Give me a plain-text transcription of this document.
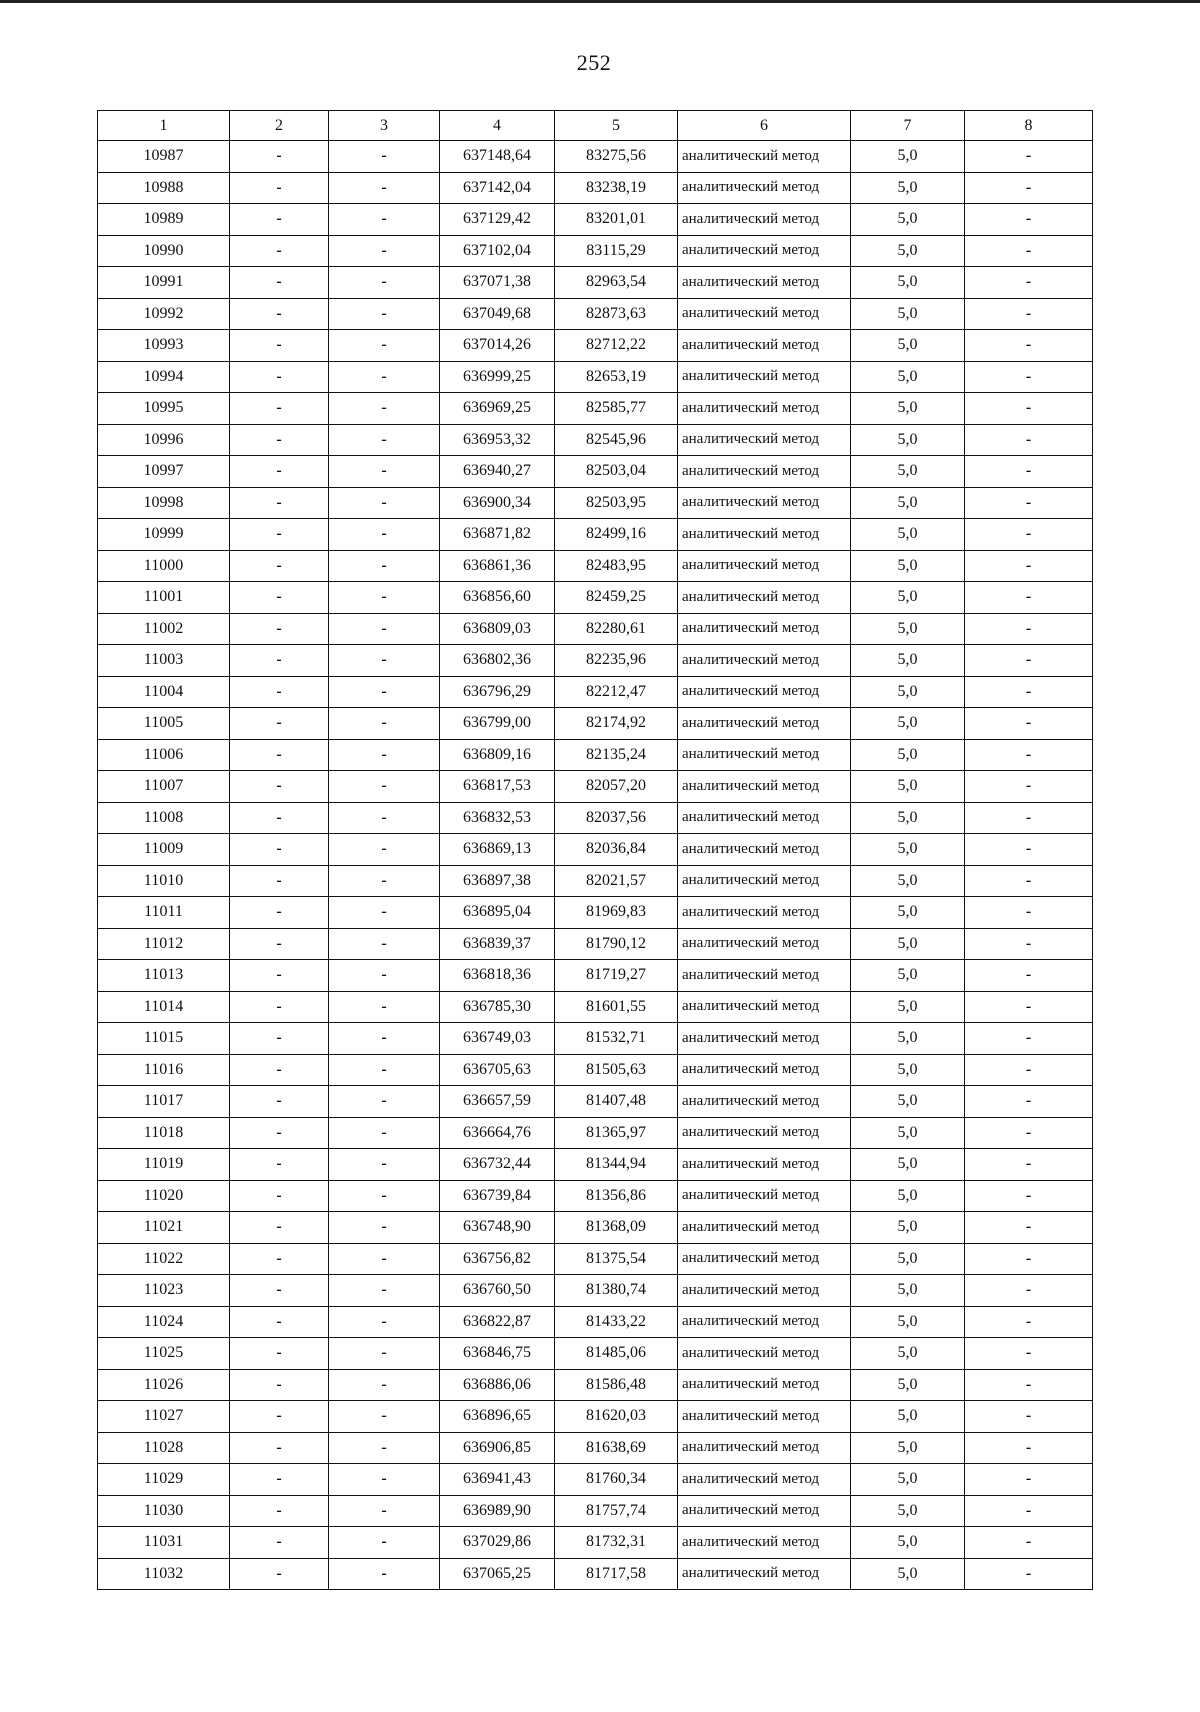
252
1	2	3	4	5	6	7	8
10987	-	-	637148,64	83275,56	аналитический метод	5,0	-
10988	-	-	637142,04	83238,19	аналитический метод	5,0	-
10989	-	-	637129,42	83201,01	аналитический метод	5,0	-
10990	-	-	637102,04	83115,29	аналитический метод	5,0	-
10991	-	-	637071,38	82963,54	аналитический метод	5,0	-
10992	-	-	637049,68	82873,63	аналитический метод	5,0	-
10993	-	-	637014,26	82712,22	аналитический метод	5,0	-
10994	-	-	636999,25	82653,19	аналитический метод	5,0	-
10995	-	-	636969,25	82585,77	аналитический метод	5,0	-
10996	-	-	636953,32	82545,96	аналитический метод	5,0	-
10997	-	-	636940,27	82503,04	аналитический метод	5,0	-
10998	-	-	636900,34	82503,95	аналитический метод	5,0	-
10999	-	-	636871,82	82499,16	аналитический метод	5,0	-
11000	-	-	636861,36	82483,95	аналитический метод	5,0	-
11001	-	-	636856,60	82459,25	аналитический метод	5,0	-
11002	-	-	636809,03	82280,61	аналитический метод	5,0	-
11003	-	-	636802,36	82235,96	аналитический метод	5,0	-
11004	-	-	636796,29	82212,47	аналитический метод	5,0	-
11005	-	-	636799,00	82174,92	аналитический метод	5,0	-
11006	-	-	636809,16	82135,24	аналитический метод	5,0	-
11007	-	-	636817,53	82057,20	аналитический метод	5,0	-
11008	-	-	636832,53	82037,56	аналитический метод	5,0	-
11009	-	-	636869,13	82036,84	аналитический метод	5,0	-
11010	-	-	636897,38	82021,57	аналитический метод	5,0	-
11011	-	-	636895,04	81969,83	аналитический метод	5,0	-
11012	-	-	636839,37	81790,12	аналитический метод	5,0	-
11013	-	-	636818,36	81719,27	аналитический метод	5,0	-
11014	-	-	636785,30	81601,55	аналитический метод	5,0	-
11015	-	-	636749,03	81532,71	аналитический метод	5,0	-
11016	-	-	636705,63	81505,63	аналитический метод	5,0	-
11017	-	-	636657,59	81407,48	аналитический метод	5,0	-
11018	-	-	636664,76	81365,97	аналитический метод	5,0	-
11019	-	-	636732,44	81344,94	аналитический метод	5,0	-
11020	-	-	636739,84	81356,86	аналитический метод	5,0	-
11021	-	-	636748,90	81368,09	аналитический метод	5,0	-
11022	-	-	636756,82	81375,54	аналитический метод	5,0	-
11023	-	-	636760,50	81380,74	аналитический метод	5,0	-
11024	-	-	636822,87	81433,22	аналитический метод	5,0	-
11025	-	-	636846,75	81485,06	аналитический метод	5,0	-
11026	-	-	636886,06	81586,48	аналитический метод	5,0	-
11027	-	-	636896,65	81620,03	аналитический метод	5,0	-
11028	-	-	636906,85	81638,69	аналитический метод	5,0	-
11029	-	-	636941,43	81760,34	аналитический метод	5,0	-
11030	-	-	636989,90	81757,74	аналитический метод	5,0	-
11031	-	-	637029,86	81732,31	аналитический метод	5,0	-
11032	-	-	637065,25	81717,58	аналитический метод	5,0	-
